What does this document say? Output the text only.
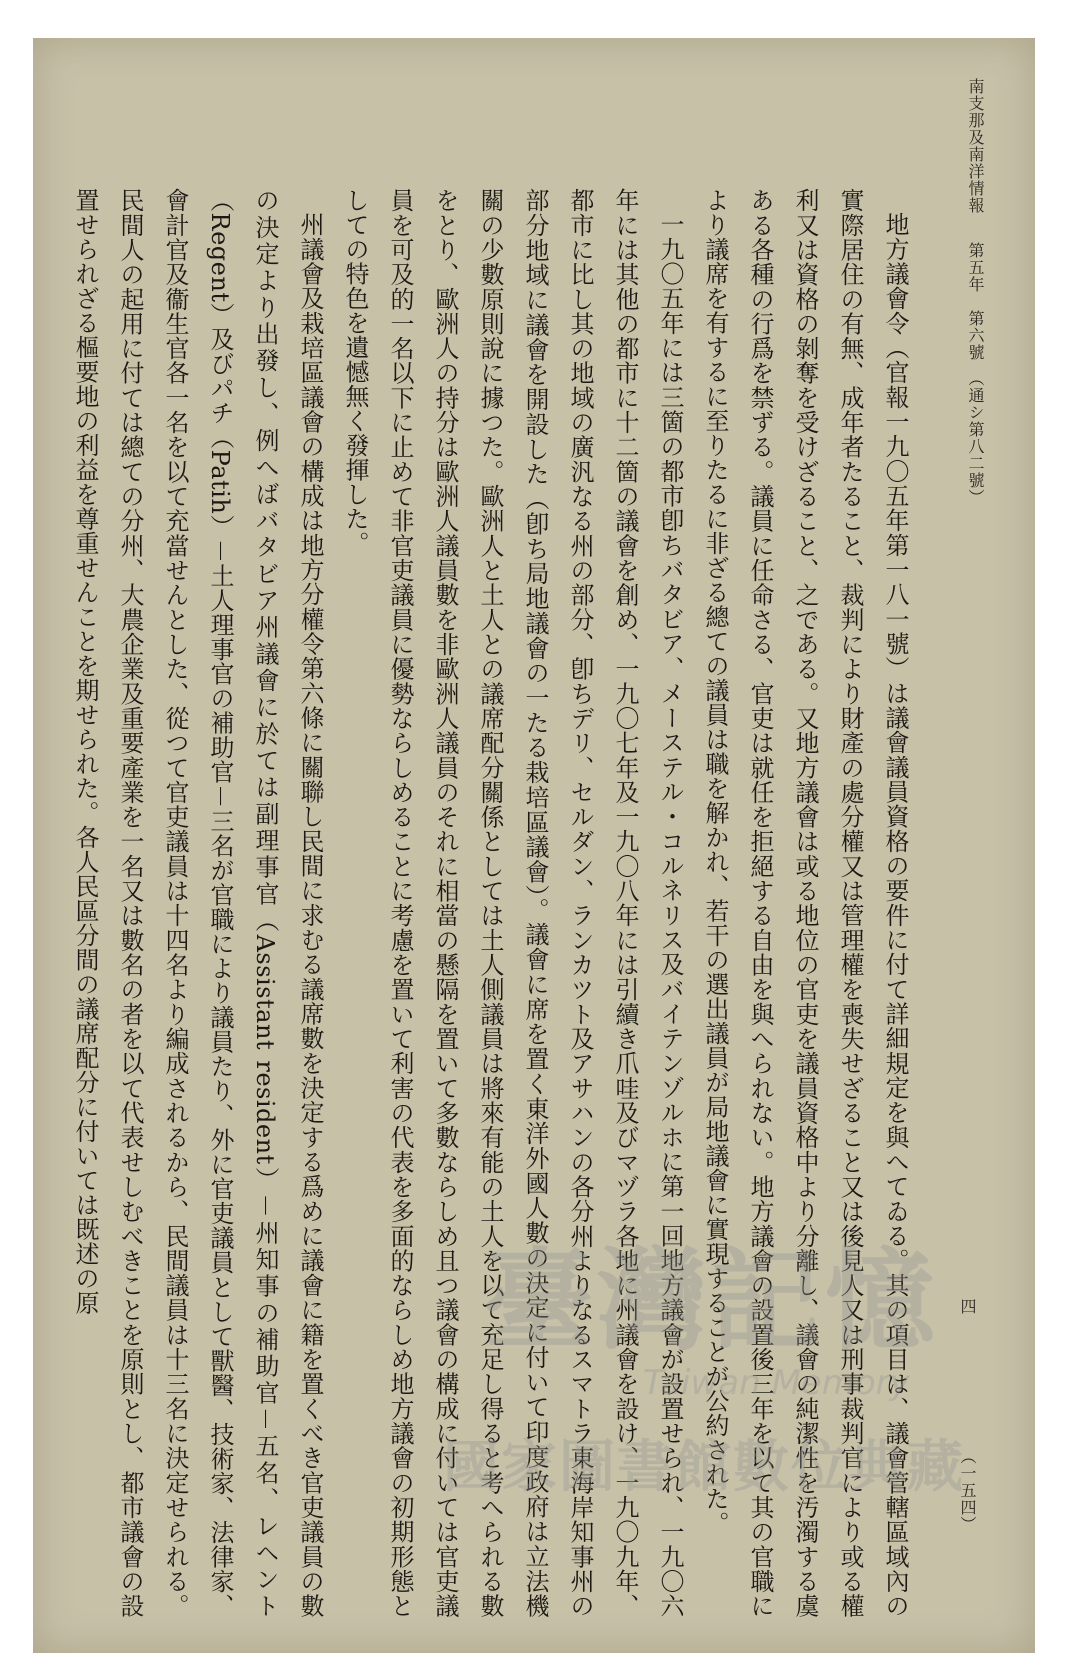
南支那及南洋情報 第五年　第六號　（通シ第八二號）
四
（一五四）

地方議會令（官報一九〇五年第一八一號）は議會議員資格の要件に付て詳細規定を與へてゐる。其の項目は、議會管轄區域內の實際居住の有無、成年者たること、裁判により財產の處分權又は管理權を喪失せざること又は後見人又は刑事裁判官により或る權利又は資格の剝奪を受けざること、之である。又地方議會は或る地位の官吏を議員資格中より分離し、議會の純潔性を汚濁する虞ある各種の行爲を禁ずる。議員に任命さる、官吏は就任を拒絕する自由を與へられない。地方議會の設置後三年を以て其の官職により議席を有するに至りたるに非ざる總ての議員は職を解かれ、若干の選出議員が局地議會に實現することが公約された。

一九〇五年には三箇の都市卽ちバタビア、メーステル・コルネリス及バイテンゾルホに第一回地方議會が設置せられ、一九〇六年には其他の都市に十二箇の議會を創め、一九〇七年及一九〇八年には引續き爪哇及びマヅラ各地に州議會を設け、一九〇九年、都市に比し其の地域の廣汎なる州の部分、卽ちデリ、セルダン、ランカツト及アサハンの各分州よりなるスマトラ東海岸知事州の部分地域に議會を開設した（卽ち局地議會の一たる栽培區議會）。議會に席を置く東洋外國人數の決定に付いて印度政府は立法機關の少數原則說に據つた。歐洲人と土人との議席配分關係としては土人側議員は將來有能の土人を以て充足し得ると考へられる數をとり、歐洲人の持分は歐洲人議員數を非歐洲人議員のそれに相當の懸隔を置いて多數ならしめ且つ議會の構成に付いては官吏議員を可及的一名以下に止めて非官吏議員に優勢ならしめることに考慮を置いて利害の代表を多面的ならしめ地方議會の初期形態としての特色を遺憾無く發揮した。

州議會及栽培區議會の構成は地方分權令第六條に關聯し民間に求むる議席數を決定する爲めに議會に籍を置くべき官吏議員の數の決定より出發し、例へばバタビア州議會に於ては副理事官（Assistant resident）－州知事の補助官－五名、レヘント（Regent）及びパチ（Patih）－土人理事官の補助官－三名が官職により議員たり、外に官吏議員として獸醫、技術家、法律家、會計官及衞生官各一名を以て充當せんとした、從つて官吏議員は十四名より編成されるから、民間議員は十三名に決定せられる。民間人の起用に付ては總ての分州、大農企業及重要產業を一名又は數名の者を以て代表せしむべきことを原則とし、都市議會の設置せられざる樞要地の利益を尊重せんことを期せられた。各人民區分間の議席配分に付いては既述の原	臺灣記憶
Taiwan Memory
國家圖書館數位典藏
